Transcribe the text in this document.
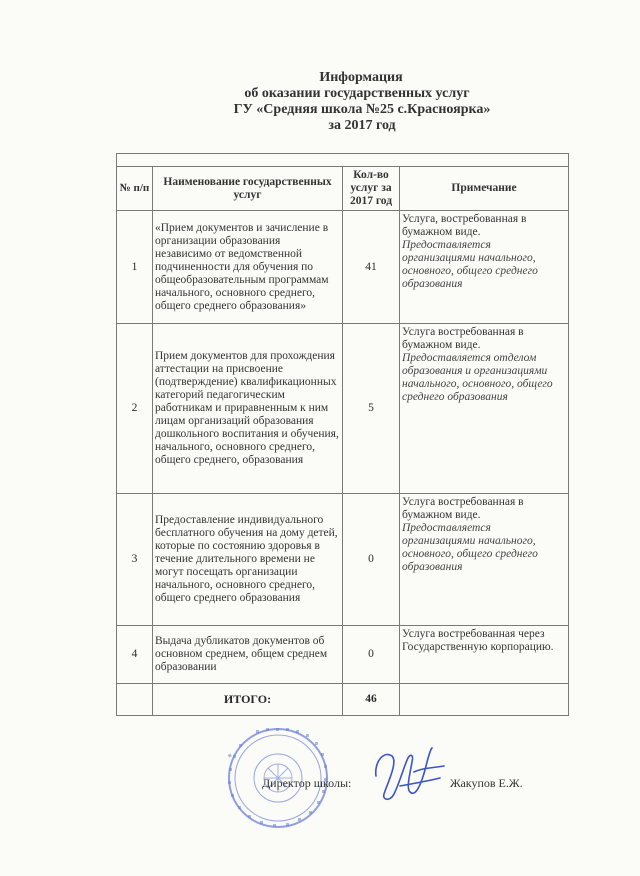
Информация
об оказании государственных услуг
ГУ «Средняя школа №25 с.Красноярка»
за 2017 год

№ п/п	Наименование государственных услуг	Кол-во услуг за 2017 год	Примечание
1	«Прием документов и зачисление в организации образования независимо от ведомственной подчиненности для обучения по общеобразовательным программам начального, основного среднего, общего среднего образования»	41	Услуга, востребованная в бумажном виде.
Предоставляется организациями начального, основного, общего среднего образования

2	Прием документов для прохождения аттестации на присвоение (подтверждение) квалификационных категорий педагогическим работникам и приравненным к ним лицам организаций образования дошкольного воспитания и обучения, начального, основного среднего, общего среднего, образования	5	Услуга востребованная в бумажном виде.
Предоставляется отделом образования и организациями начального, основного, общего среднего образования

3	Предоставление индивидуального бесплатного обучения на дому детей, которые по состоянию здоровья в течение длительного времени не могут посещать организации начального, основного среднего, общего среднего образования	0	Услуга востребованная в бумажном виде.
Предоставляется организациями начального, основного, общего среднего образования

4	Выдача дубликатов документов об основном среднем, общем среднем образовании	0	Услуга востребованная через Государственную корпорацию.

	ИТОГО:	46	
Директор школы:	Жакупов Е.Ж.
